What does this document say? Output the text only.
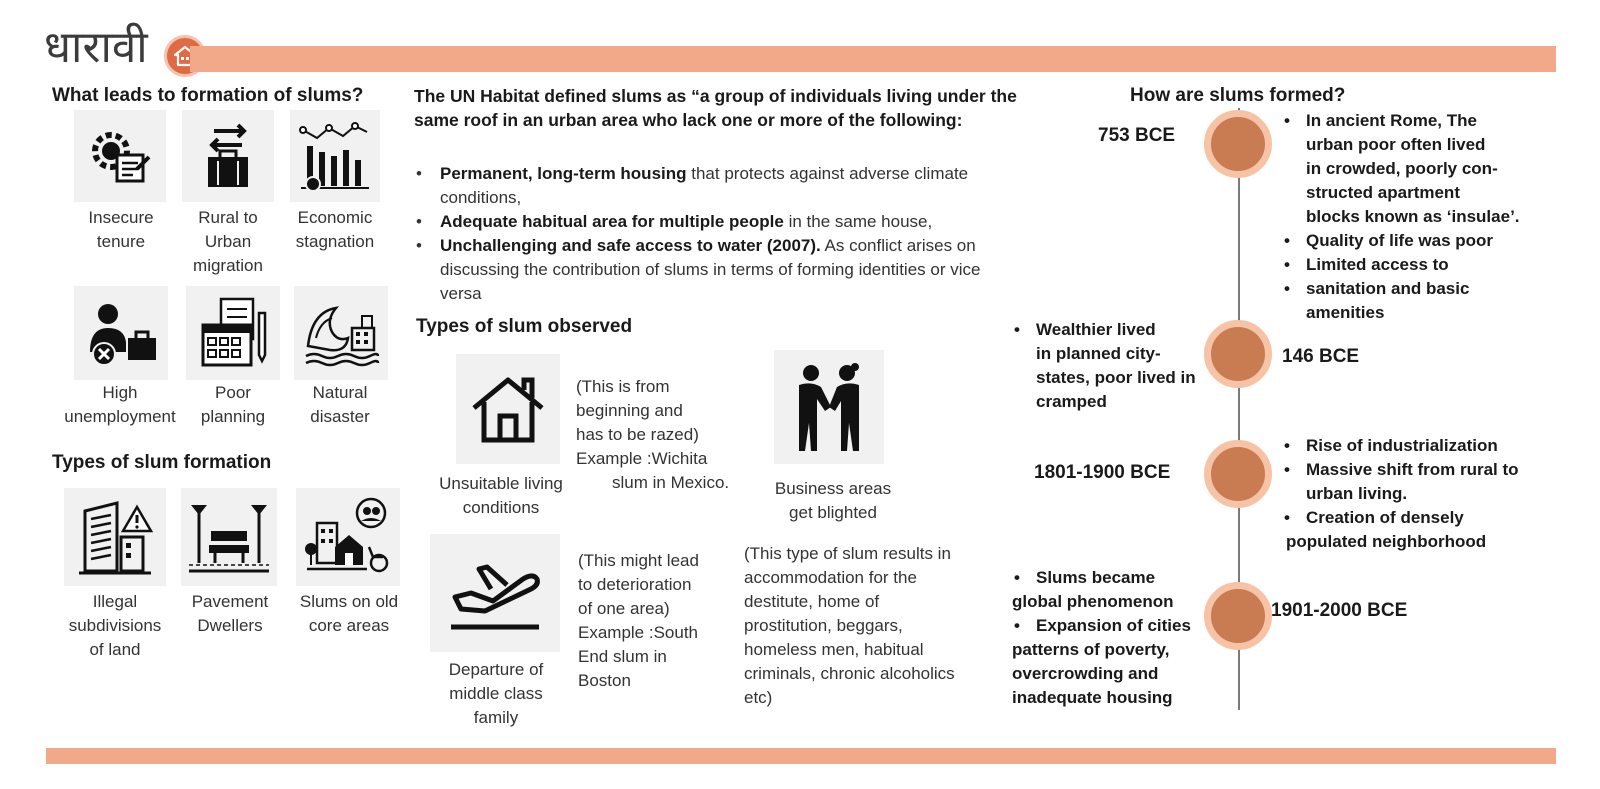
धारावी
What leads to formation of slums?
Insecure
tenure
Rural to
Urban
migration
Economic
stagnation
High
unemployment
Poor
planning
Natural
disaster
Types of slum formation
Illegal
subdivisions
of land
Pavement
Dwellers
Slums on old
core areas
The UN Habitat defined slums as “a group of individuals living under the
same roof in an urban area who lack one or more of the following:
• Permanent, long-term housing that protects against adverse climate
conditions,
• Adequate habitual area for multiple people in the same house,
• Unchallenging and safe access to water (2007). As conflict arises on
discussing the contribution of slums in terms of forming identities or vice
versa
Types of slum observed
Unsuitable living
conditions
(This is from
beginning and
has to be razed)
Example :Wichita
slum in Mexico.	Business areas
get blighted
Departure of
middle class
family
(This might lead
to deterioration
of one area)
Example :South
End slum in
Boston
(This type of slum results in
accommodation for the
destitute, home of
prostitution, beggars,
homeless men, habitual
criminals, chronic alcoholics
etc)
How are slums formed?
753 BCE
146 BCE
1801-1900 BCE
1901-2000 BCE
• In ancient Rome, The
urban poor often lived
in crowded, poorly con-
structed apartment
blocks known as ‘insulae’.
• Quality of life was poor
• Limited access to
• sanitation and basic
amenities
• Wealthier lived
in planned city-
states, poor lived in
cramped
• Rise of industrialization
• Massive shift from rural to
urban living.
• Creation of densely
populated neighborhood
• Slums became
global phenomenon
• Expansion of cities
patterns of poverty,
overcrowding and
inadequate housing
